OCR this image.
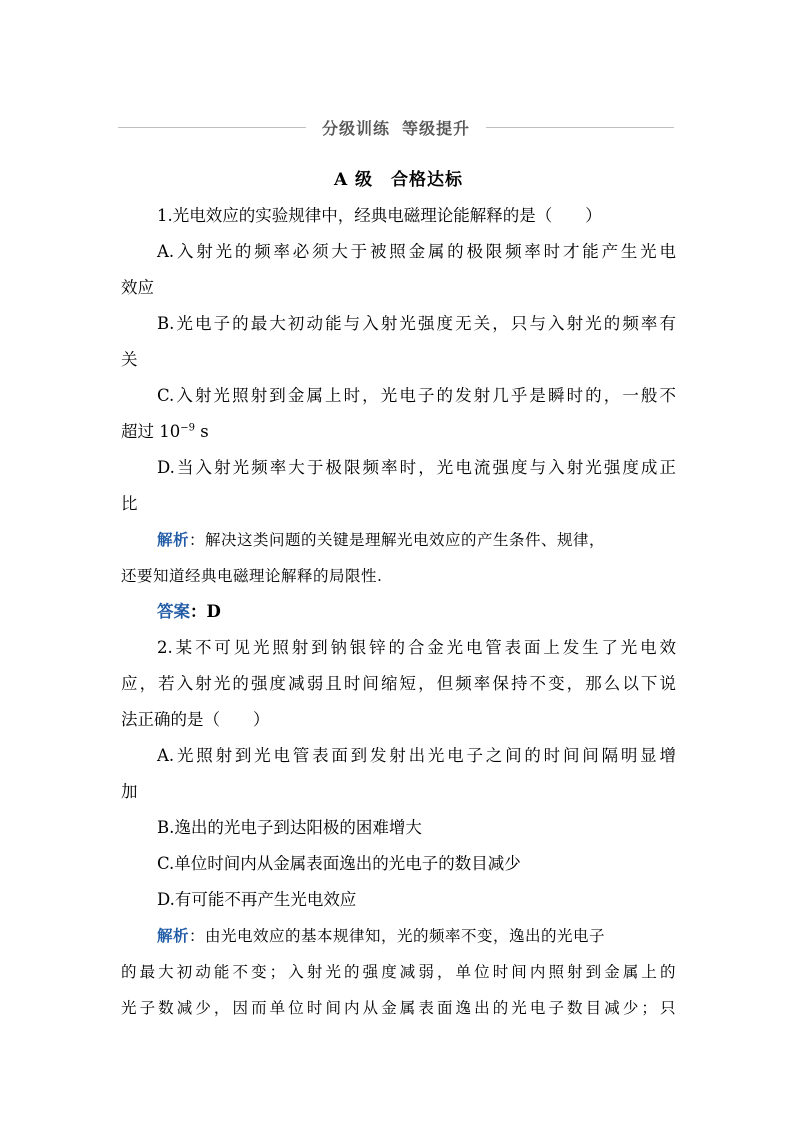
分级训练 等级提升
A 级　合格达标
1.光电效应的实验规律中，经典电磁理论能解释的是（　　）
A.入射光的频率必须大于被照金属的极限频率时才能产生光电
效应
B.光电子的最大初动能与入射光强度无关，只与入射光的频率有
关
C.入射光照射到金属上时，光电子的发射几乎是瞬时的，一般不
超过 $10^{-9}$ s
D.当入射光频率大于极限频率时，光电流强度与入射光强度成正
比
解析：解决这类问题的关键是理解光电效应的产生条件、规律，
还要知道经典电磁理论解释的局限性.
答案：D
2.某不可见光照射到钠银锌的合金光电管表面上发生了光电效
应，若入射光的强度减弱且时间缩短，但频率保持不变，那么以下说
法正确的是（　　）
A.光照射到光电管表面到发射出光电子之间的时间间隔明显增
加
B.逸出的光电子到达阳极的困难增大
C.单位时间内从金属表面逸出的光电子的数目减少
D.有可能不再产生光电效应
解析：由光电效应的基本规律知，光的频率不变，逸出的光电子
的最大初动能不变；入射光的强度减弱，单位时间内照射到金属上的
光子数减少，因而单位时间内从金属表面逸出的光电子数目减少；只
